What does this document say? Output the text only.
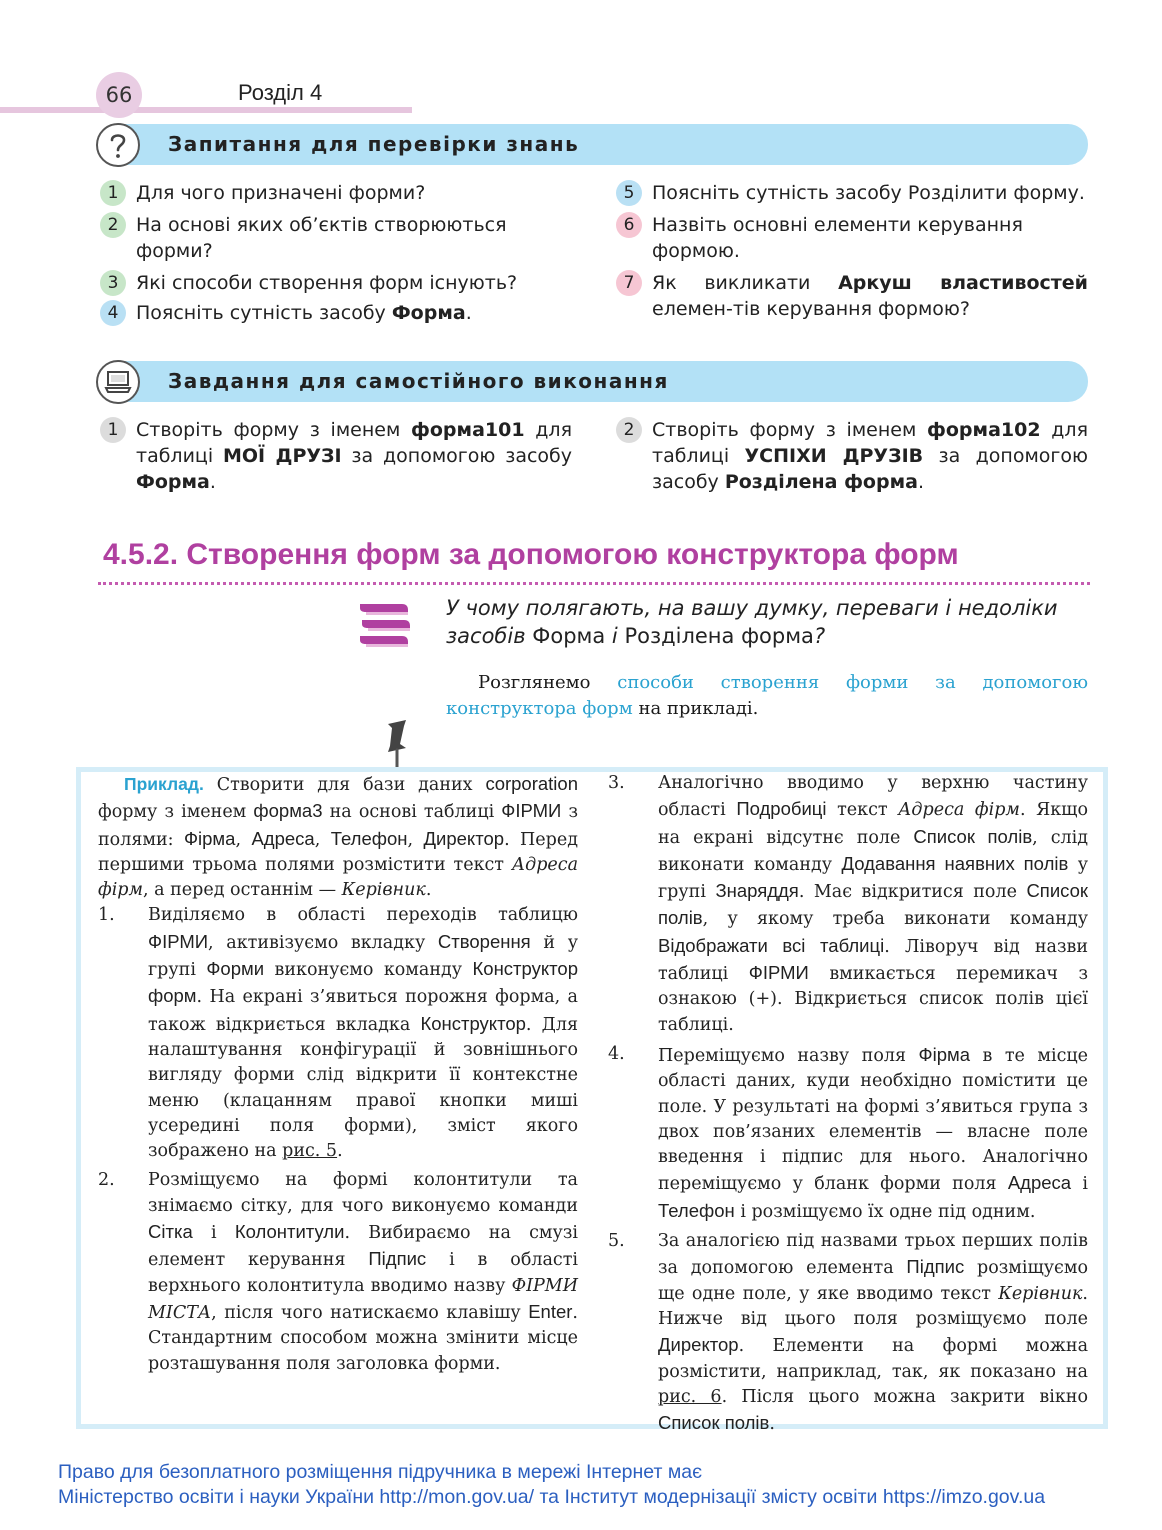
66	Розділ 4
Запитання для перевірки знань
1 Для чого призначені форми?
2 На основі яких об’єктів створюються форми?
3 Які способи створення форм існують?
4 Поясніть сутність засобу Форма.
5 Поясніть сутність засобу Розділити форму.
6 Назвіть основні елементи керування формою.
7 Як викликати Аркуш властивостей елемен-тів керування формою?
Завдання для самостійного виконання
1 Створіть форму з іменем форма101 для таблиці МОЇ ДРУЗІ за допомогою засобу Форма.
2 Створіть форму з іменем форма102 для таблиці УСПІХИ ДРУЗІВ за допомогою засобу Розділена форма.
4.5.2. Створення форм за допомогою конструктора форм
У чому полягають, на вашу думку, переваги і недоліки засобів Форма і Розділена форма?
Розглянемо способи створення форми за допомогою конструктора форм на прикладі.
Приклад. Створити для бази даних corporation форму з іменем форма3 на основі таблиці ФІРМИ з полями: Фірма, Адреса, Телефон, Директор. Перед першими трьома полями розмістити текст Адреса фірм, а перед останнім — Керівник.
1.	Виділяємо в області переходів таблицю ФІРМИ, активізуємо вкладку Створення й у групі Форми виконуємо команду Конструктор форм. На екрані з’явиться порожня форма, а також відкриється вкладка Конструктор. Для налаштування конфігурації й зовнішнього вигляду форми слід відкрити її контекстне меню (клацанням правої кнопки миші усередині поля форми), зміст якого зображено на рис. 5.
2.	Розміщуємо на формі колонтитули та знімаємо сітку, для чого виконуємо команди Сітка і Колонтитули. Вибираємо на смузі елемент керування Підпис і в області верхнього колонтитула вводимо назву ФІРМИ МІСТА, після чого натискаємо клавішу Enter. Стандартним способом можна змінити місце розташування поля заголовка форми.
3.	Аналогічно вводимо у верхню частину області Подробиці текст Адреса фірм. Якщо на екрані відсутнє поле Список полів, слід виконати команду Додавання наявних полів у групі Знаряддя. Має відкритися поле Список полів, у якому треба виконати команду Відображати всі таблиці. Ліворуч від назви таблиці ФІРМИ вмикається перемикач з ознакою (+). Відкриється список полів цієї таблиці.
4.	Переміщуємо назву поля Фірма в те місце області даних, куди необхідно помістити це поле. У результаті на формі з’явиться група з двох пов’язаних елементів — власне поле введення і підпис для нього. Аналогічно переміщуємо у бланк форми поля Адреса і Телефон і розміщуємо їх одне під одним.
5.	За аналогією під назвами трьох перших полів за допомогою елемента Підпис розміщуємо ще одне поле, у яке вводимо текст Керівник. Нижче від цього поля розміщуємо поле Директор. Елементи на формі можна розмістити, наприклад, так, як показано на рис. 6. Після цього можна закрити вікно Список полів.
Право для безоплатного розміщення підручника в мережі Інтернет має
Міністерство освіти і науки України http://mon.gov.ua/ та Інститут модернізації змісту освіти https://imzo.gov.ua
